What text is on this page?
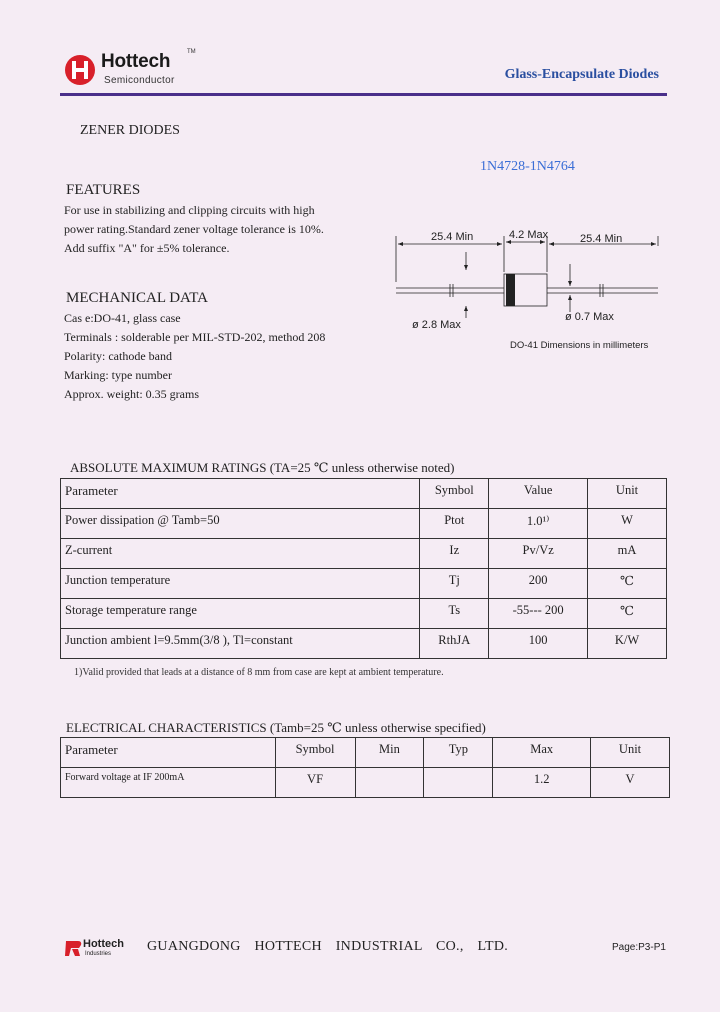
Hottech	TM
Semiconductor	Glass-Encapsulate Diodes
ZENER DIODES
1N4728-1N4764
FEATURES
For use in stabilizing and clipping circuits with high
power rating.Standard zener voltage tolerance is 10%.
Add suffix "A" for ±5% tolerance.
MECHANICAL DATA
Cas e:DO-41, glass case
Terminals : solderable per MIL-STD-202, method 208
Polarity: cathode band
Marking: type number
Approx. weight: 0.35 grams
25.4 Min	4.2 Max	25.4 Min
ø 2.8 Max
ø 0.7 Max
DO-41 Dimensions in millimeters
ABSOLUTE MAXIMUM RATINGS (TA=25 ℃ unless otherwise noted)
Parameter	Symbol	Value	Unit
Power dissipation @ Tamb=50	Ptot	1.0¹⁾	W
Z-current	Iz	Pv/Vz	mA
Junction temperature	Tj	200	℃
Storage temperature range	Ts	-55--- 200	℃
Junction ambient l=9.5mm(3/8 ), Tl=constant	RthJA	100	K/W
1)Valid provided that leads at a distance of 8 mm from case are kept at ambient temperature.
ELECTRICAL CHARACTERISTICS (Tamb=25 ℃ unless otherwise specified)
Parameter	Symbol	Min	Typ	Max	Unit
Forward voltage at IF 200mA	VF			1.2	V
Hottech
Industries	GUANGDONG HOTTECH INDUSTRIAL CO., LTD.	Page:P3-P1
